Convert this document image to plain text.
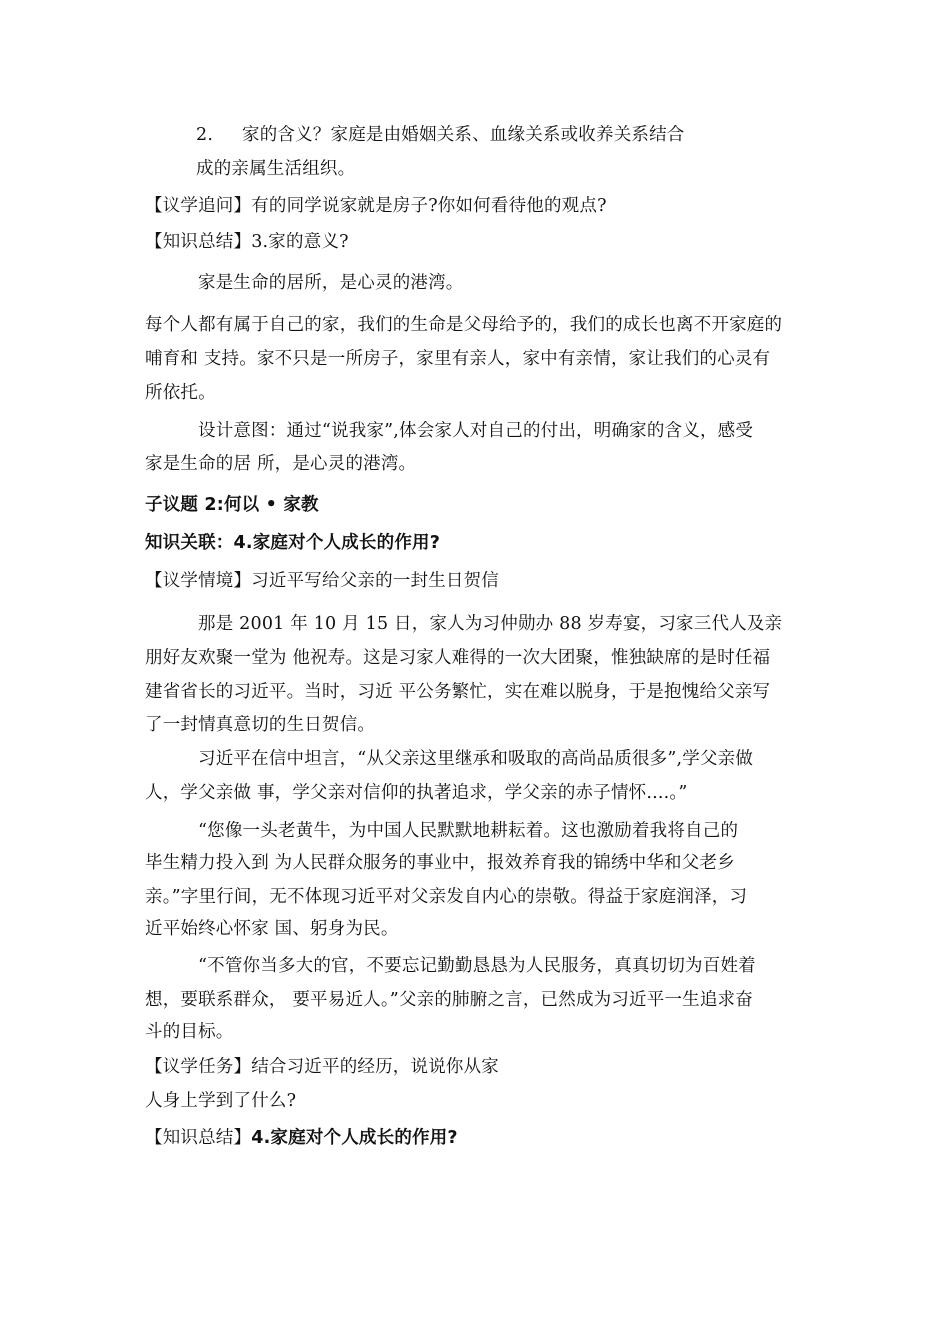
2. 家的含义？家庭是由婚姻关系、血缘关系或收养关系结合
成的亲属生活组织。
【议学追问】有的同学说家就是房子?你如何看待他的观点?
【知识总结】3.家的意义?
家是生命的居所，是心灵的港湾。
每个人都有属于自己的家，我们的生命是父母给予的，我们的成长也离不开家庭的
哺育和 支持。家不只是一所房子，家里有亲人，家中有亲情，家让我们的心灵有
所依托。
设计意图：通过“说我家”,体会家人对自己的付出，明确家的含义，感受
家是生命的居 所，是心灵的港湾。
子议题 2:何以 • 家教
知识关联：4.家庭对个人成长的作用?
【议学情境】习近平写给父亲的一封生日贺信
那是 2001 年 10 月 15 日，家人为习仲勋办 88 岁寿宴，习家三代人及亲
朋好友欢聚一堂为 他祝寿。这是习家人难得的一次大团聚，惟独缺席的是时任福
建省省长的习近平。当时，习近 平公务繁忙，实在难以脱身，于是抱愧给父亲写
了一封情真意切的生日贺信。
习近平在信中坦言，“从父亲这里继承和吸取的高尚品质很多”,学父亲做
人，学父亲做 事，学父亲对信仰的执著追求，学父亲的赤子情怀....。”
“您像一头老黄牛，为中国人民默默地耕耘着。这也激励着我将自己的
毕生精力投入到 为人民群众服务的事业中，报效养育我的锦绣中华和父老乡
亲。”字里行间，无不体现习近平对父亲发自内心的崇敬。得益于家庭润泽，习
近平始终心怀家 国、躬身为民。
“不管你当多大的官，不要忘记勤勤恳恳为人民服务，真真切切为百姓着
想，要联系群众， 要平易近人。”父亲的肺腑之言，已然成为习近平一生追求奋
斗的目标。
【议学任务】结合习近平的经历，说说你从家
人身上学到了什么?
【知识总结】4.家庭对个人成长的作用?
